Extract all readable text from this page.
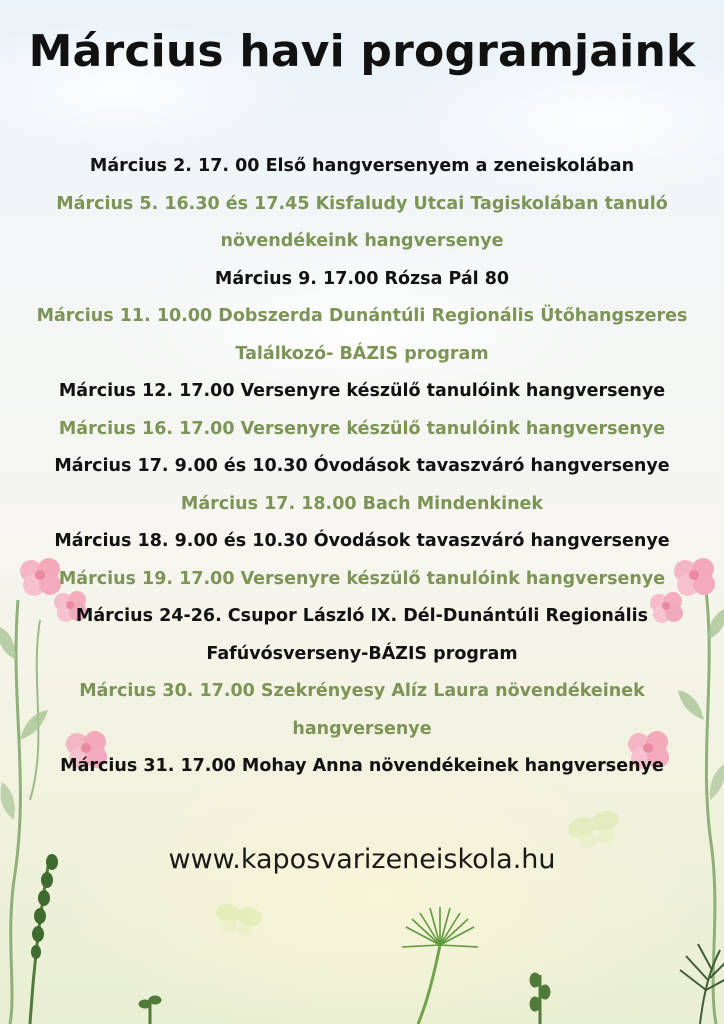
Március havi programjaink

Március 2. 17. 00 Első hangversenyem a zeneiskolában

Március 5. 16.30 és 17.45 Kisfaludy Utcai Tagiskolában tanuló

növendékeink hangversenye

Március 9. 17.00 Rózsa Pál 80

Március 11. 10.00 Dobszerda Dunántúli Regionális Ütőhangszeres

Találkozó- BÁZIS program

Március 12. 17.00 Versenyre készülő tanulóink hangversenye

Március 16. 17.00 Versenyre készülő tanulóink hangversenye

Március 17. 9.00 és 10.30 Óvodások tavaszváró hangversenye

Március 17. 18.00 Bach Mindenkinek

Március 18. 9.00 és 10.30 Óvodások tavaszváró hangversenye

Március 19. 17.00 Versenyre készülő tanulóink hangversenye

Március 24-26. Csupor László IX. Dél-Dunántúli Regionális

Fafúvósverseny-BÁZIS program

Március 30. 17.00 Szekrényesy Alíz Laura növendékeinek

hangversenye

Március 31. 17.00 Mohay Anna növendékeinek hangversenye

www.kaposvarizeneiskola.hu
